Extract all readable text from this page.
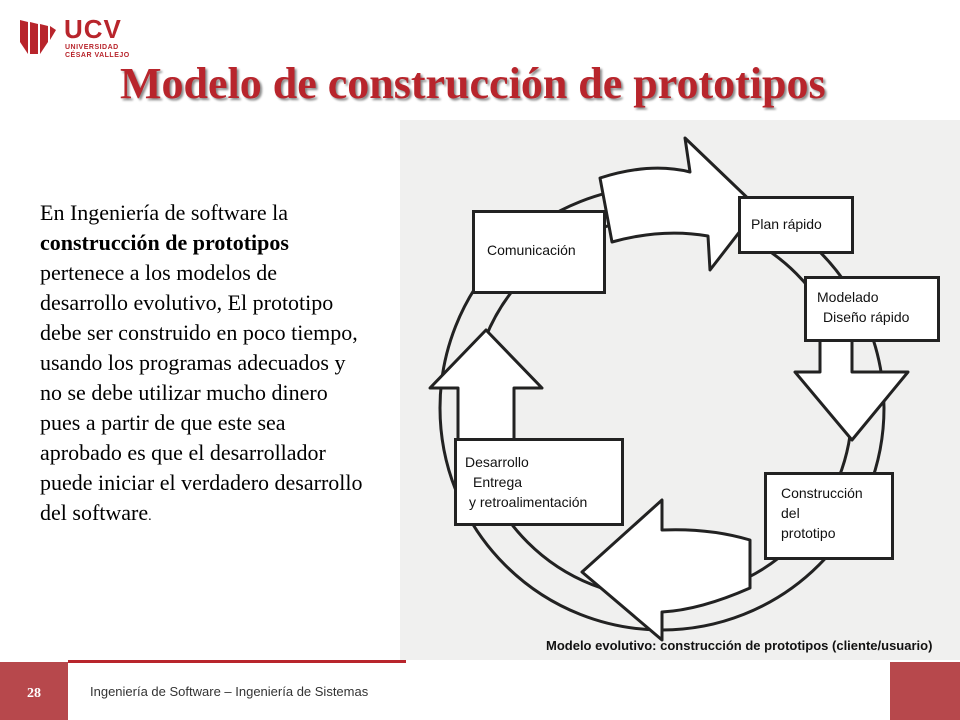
UCV
UNIVERSIDAD
CÉSAR VALLEJO
Modelo de construcción de prototipos
En Ingeniería de software la construcción de prototipos pertenece a los modelos de desarrollo evolutivo, El prototipo debe ser construido en poco tiempo, usando los programas adecuados y no se debe utilizar mucho dinero pues a partir de que este sea aprobado es que el desarrollador puede iniciar el verdadero desarrollo del software.
Comunicación
Plan rápido
Modelado
Diseño rápido
Construcción
del
prototipo
Desarrollo
Entrega
y retroalimentación
Modelo evolutivo: construcción de prototipos (cliente/usuario)
28	Ingeniería de Software – Ingeniería de Sistemas
